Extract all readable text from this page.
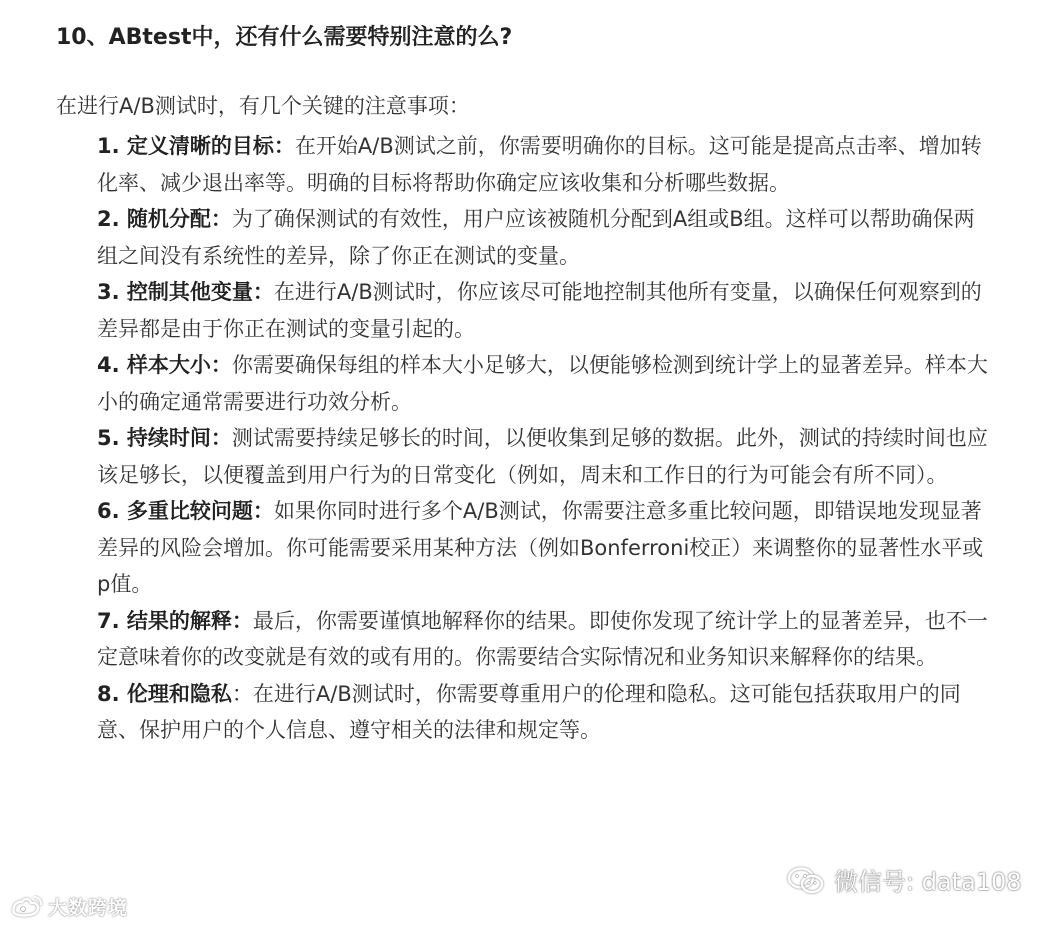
10、ABtest中，还有什么需要特别注意的么?
在进行A/B测试时，有几个关键的注意事项：
1. 定义清晰的目标：在开始A/B测试之前，你需要明确你的目标。这可能是提高点击率、增加转化率、减少退出率等。明确的目标将帮助你确定应该收集和分析哪些数据。
2. 随机分配：为了确保测试的有效性，用户应该被随机分配到A组或B组。这样可以帮助确保两组之间没有系统性的差异，除了你正在测试的变量。
3. 控制其他变量：在进行A/B测试时，你应该尽可能地控制其他所有变量，以确保任何观察到的差异都是由于你正在测试的变量引起的。
4. 样本大小：你需要确保每组的样本大小足够大，以便能够检测到统计学上的显著差异。样本大小的确定通常需要进行功效分析。
5. 持续时间：测试需要持续足够长的时间，以便收集到足够的数据。此外，测试的持续时间也应该足够长，以便覆盖到用户行为的日常变化（例如，周末和工作日的行为可能会有所不同）。
6. 多重比较问题：如果你同时进行多个A/B测试，你需要注意多重比较问题，即错误地发现显著差异的风险会增加。你可能需要采用某种方法（例如Bonferroni校正）来调整你的显著性水平或p值。
7. 结果的解释：最后，你需要谨慎地解释你的结果。即使你发现了统计学上的显著差异，也不一定意味着你的改变就是有效的或有用的。你需要结合实际情况和业务知识来解释你的结果。
8. 伦理和隐私：在进行A/B测试时，你需要尊重用户的伦理和隐私。这可能包括获取用户的同意、保护用户的个人信息、遵守相关的法律和规定等。
大数跨境
微信号: data108
